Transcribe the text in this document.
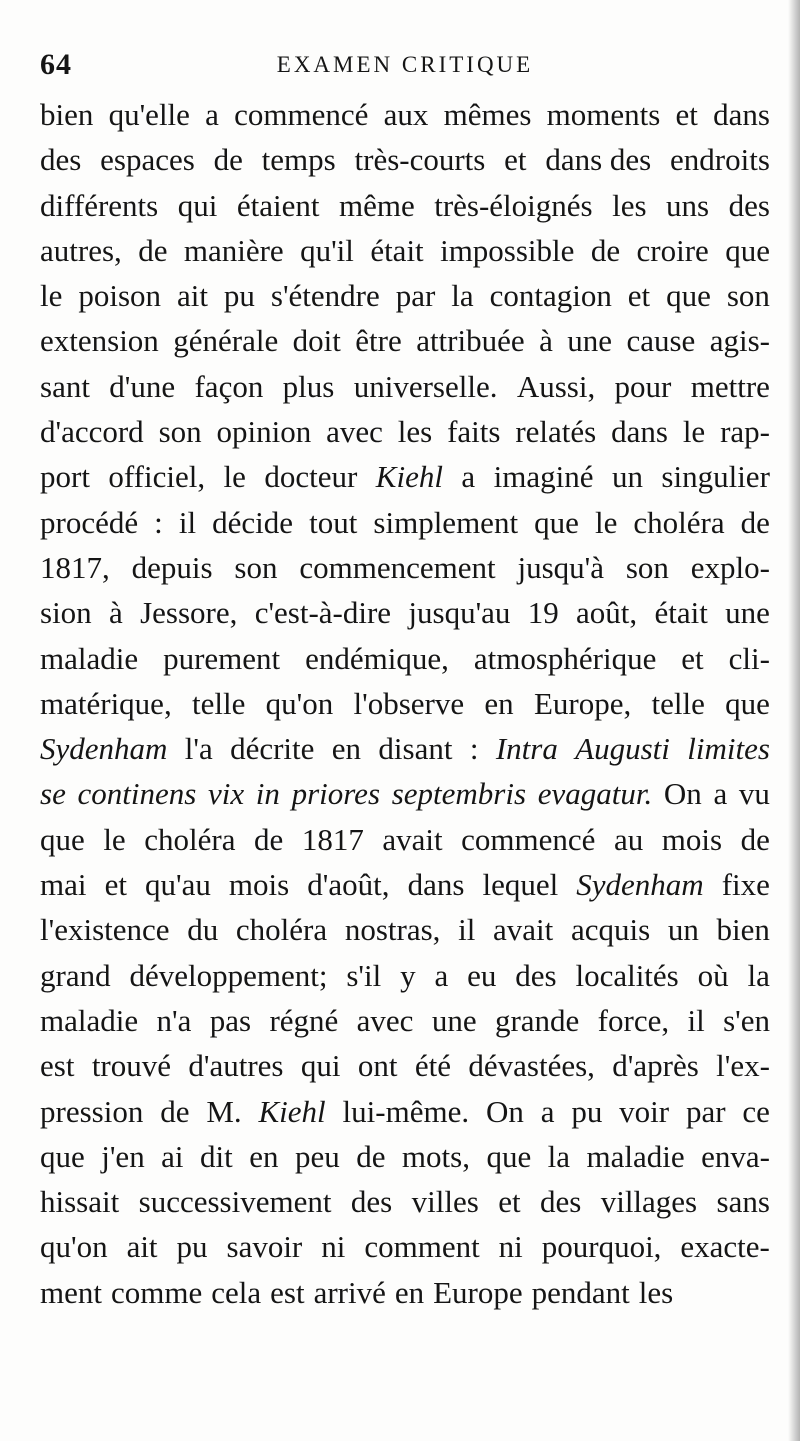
64	EXAMEN CRITIQUE
bien qu'elle a commencé aux mêmes moments et dans
des espaces de temps très-courts et dans des endroits
différents qui étaient même très-éloignés les uns des
autres, de manière qu'il était impossible de croire que
le poison ait pu s'étendre par la contagion et que son
extension générale doit être attribuée à une cause agis-
sant d'une façon plus universelle. Aussi, pour mettre
d'accord son opinion avec les faits relatés dans le rap-
port officiel, le docteur Kiehl a imaginé un singulier
procédé : il décide tout simplement que le choléra de
1817, depuis son commencement jusqu'à son explo-
sion à Jessore, c'est-à-dire jusqu'au 19 août, était une
maladie purement endémique, atmosphérique et cli-
matérique, telle qu'on l'observe en Europe, telle que
Sydenham l'a décrite en disant : Intra Augusti limites
se continens vix in priores septembris evagatur. On a vu
que le choléra de 1817 avait commencé au mois de
mai et qu'au mois d'août, dans lequel Sydenham fixe
l'existence du choléra nostras, il avait acquis un bien
grand développement; s'il y a eu des localités où la
maladie n'a pas régné avec une grande force, il s'en
est trouvé d'autres qui ont été dévastées, d'après l'ex-
pression de M. Kiehl lui-même. On a pu voir par ce
que j'en ai dit en peu de mots, que la maladie enva-
hissait successivement des villes et des villages sans
qu'on ait pu savoir ni comment ni pourquoi, exacte-
ment comme cela est arrivé en Europe pendant les
